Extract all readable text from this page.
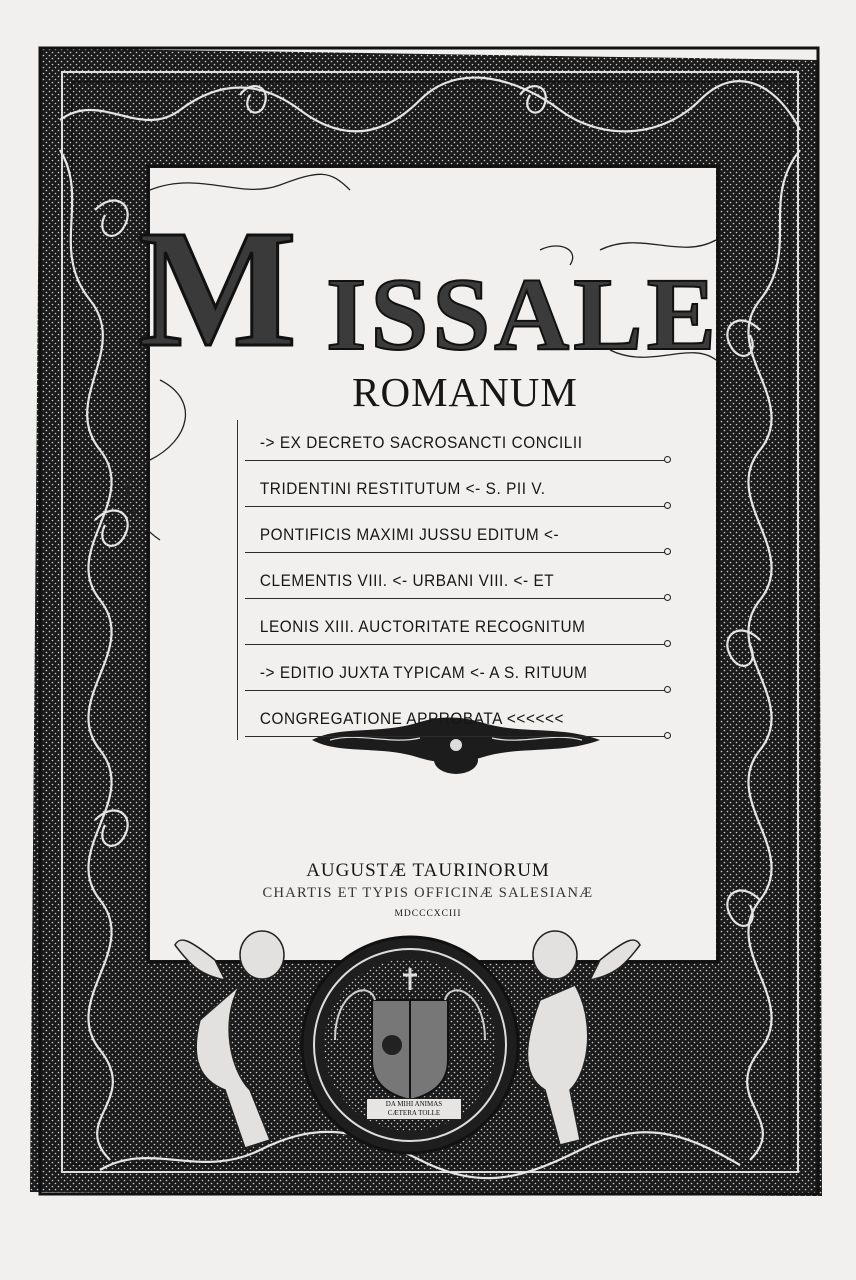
M ISSALE
ROMANUM
-> EX DECRETO SACROSANCTI CONCILII
TRIDENTINI RESTITUTUM <- S. PII V.
PONTIFICIS MAXIMI JUSSU EDITUM <-
CLEMENTIS VIII. <- URBANI VIII. <- ET
LEONIS XIII. AUCTORITATE RECOGNITUM
-> EDITIO JUXTA TYPICAM <- A S. RITUUM
CONGREGATIONE APPROBATA <<<<<<
AUGUSTÆ TAURINORUM
CHARTIS ET TYPIS OFFICINÆ SALESIANÆ
MDCCCXCIII
DA MIHI ANIMAS
CÆTERA TOLLE
